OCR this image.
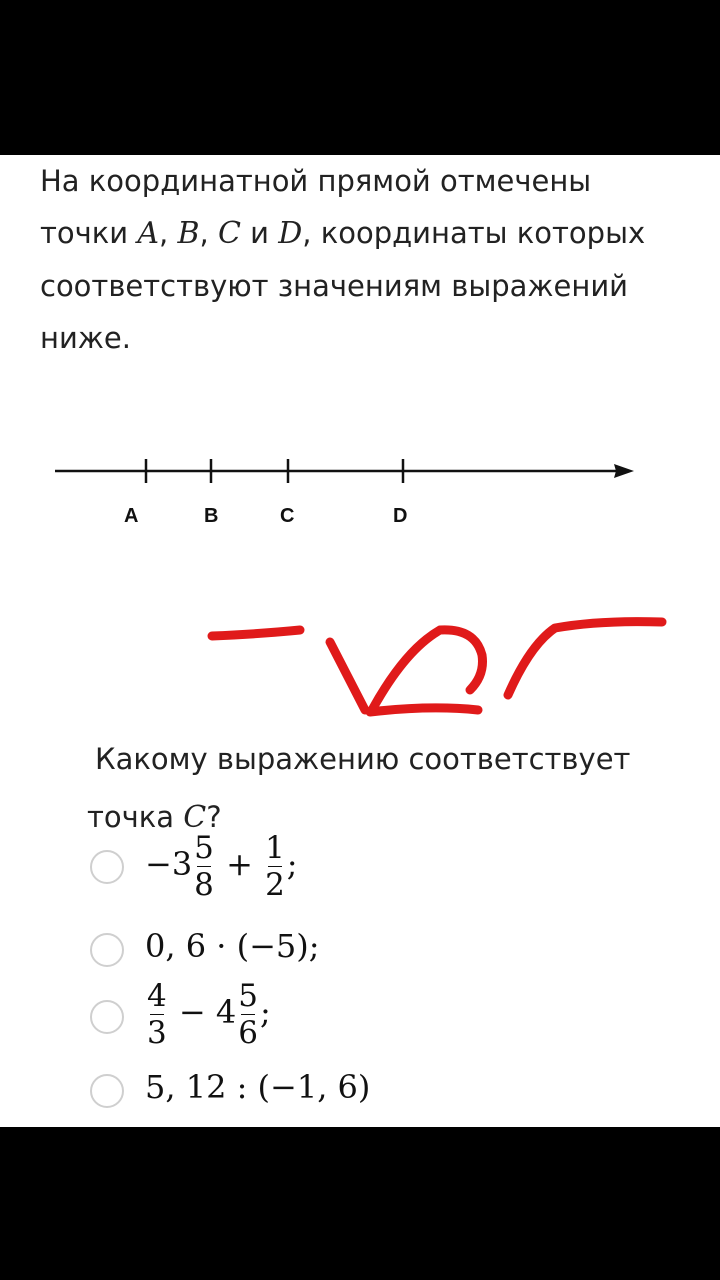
На координатной прямой отмечены
точки A, B, C и D, координаты которых
соответствуют значениям выражений
ниже.
A	B	C	D
Какому выражению соответствует
точка C?
$-3 \frac{5}{8} + \frac{1}{2}$ ;
0, 6 · (−5);
$\frac{4}{3} - 4 \frac{5}{6}$ ;
5, 12 : (−1, 6)
